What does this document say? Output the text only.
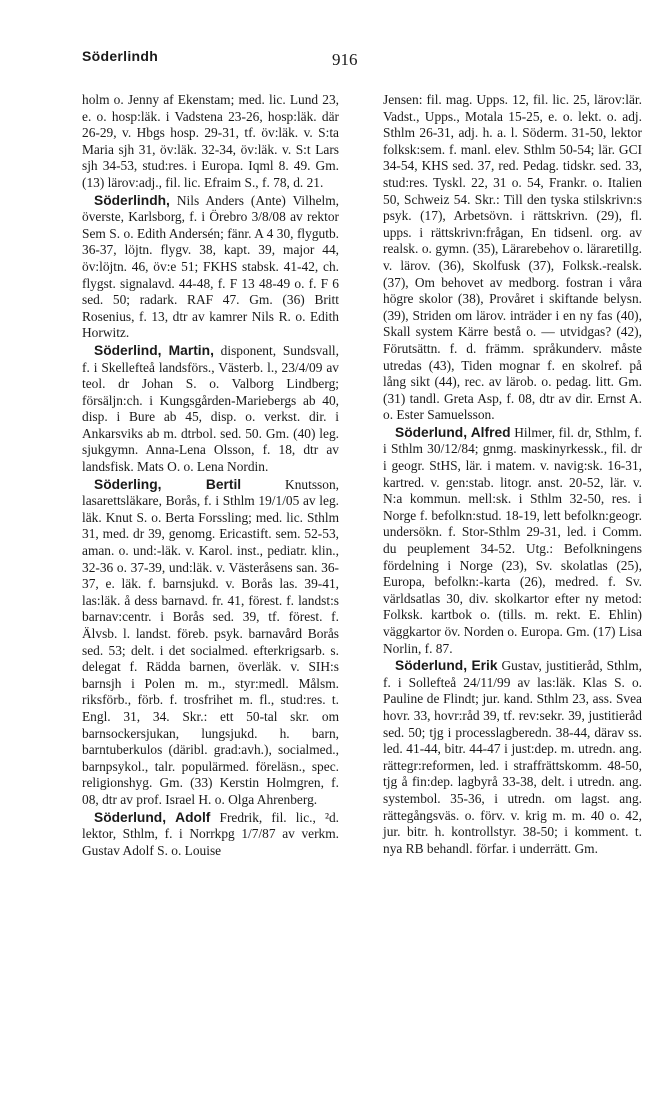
Söderlindh	916

holm o. Jenny af Ekenstam; med. lic. Lund 23, e. o. hosp:läk. i Vadstena 23-26, hosp:läk. där 26-29, v. Hbgs hosp. 29-31, tf. öv:läk. v. S:ta Maria sjh 31, öv:läk. 32-34, öv:läk. v. S:t Lars sjh 34-53, stud:res. i Europa. Iqml 8. 49. Gm. (13) lärov:adj., fil. lic. Efraim S., f. 78, d. 21.

Söderlindh, Nils Anders (Ante) Vilhelm, överste, Karlsborg, f. i Örebro 3/8/08 av rektor Sem S. o. Edith Andersén; fänr. A 4 30, flygutb. 36-37, löjtn. flygv. 38, kapt. 39, major 44, öv:löjtn. 46, öv:e 51; FKHS stabsk. 41-42, ch. flygst. signalavd. 44-48, f. F 13 48-49 o. f. F 6 sed. 50; radark. RAF 47. Gm. (36) Britt Rosenius, f. 13, dtr av kamrer Nils R. o. Edith Horwitz.

Söderlind, Martin, disponent, Sundsvall, f. i Skellefteå landsförs., Västerb. l., 23/4/09 av teol. dr Johan S. o. Valborg Lindberg; försäljn:ch. i Kungsgården-Mariebergs ab 40, disp. i Bure ab 45, disp. o. verkst. dir. i Ankarsviks ab m. dtrbol. sed. 50. Gm. (40) leg. sjukgymn. Anna-Lena Olsson, f. 18, dtr av landsfisk. Mats O. o. Lena Nordin.

Söderling, Bertil	Knutsson, lasarettsläkare, Borås, f. i Sthlm 19/1/05 av leg. läk. Knut S. o. Berta Forssling; med. lic. Sthlm 31, med. dr 39, genomg. Ericastift. sem. 52-53, aman. o. und:-läk. v. Karol. inst., pediatr. klin., 32-36 o. 37-39, und:läk. v. Västeråsens san. 36-37, e. läk. f. barnsjukd. v. Borås las. 39-41, las:läk. å dess barnavd. fr. 41, förest. f. landst:s barnav:centr. i Borås sed. 39, tf. förest. f. Älvsb. l. landst. föreb. psyk. barnavård Borås sed. 53; delt. i det socialmed. efterkrigsarb. s. delegat f. Rädda barnen, överläk. v. SIH:s barnsjh i Polen m. m., styr:medl. Målsm. riksförb., förb. f. trosfrihet m. fl., stud:res. t. Engl. 31, 34. Skr.: ett 50-tal skr. om barnsockersjukan, lungsjukd. h. barn, barntuberkulos (däribl. grad:avh.), socialmed., barnpsykol., talr. populärmed. föreläsn., spec. religionshyg. Gm. (33) Kerstin Holmgren, f. 08, dtr av prof. Israel H. o. Olga Ahrenberg.

Söderlund, Adolf Fredrik, fil. lic., ²d. lektor, Sthlm, f. i Norrkpg 1/7/87 av verkm. Gustav Adolf S. o. Louise

Jensen: fil. mag. Upps. 12, fil. lic. 25, lärov:lär. Vadst., Upps., Motala 15-25, e. o. lekt. o. adj. Sthlm 26-31, adj. h. a. l. Söderm. 31-50, lektor folksk:sem. f. manl. elev. Sthlm 50-54; lär. GCI 34-54, KHS sed. 37, red. Pedag. tidskr. sed. 33, stud:res. Tyskl. 22, 31 o. 54, Frankr. o. Italien 50, Schweiz 54. Skr.: Till den tyska stilskrivn:s psyk. (17), Arbetsövn. i rättskrivn. (29), fl. upps. i rättskrivn:frågan, En tidsenl. org. av realsk. o. gymn. (35), Lärarebehov o. läraretillg. v. lärov. (36), Skolfusk (37), Folksk.-realsk. (37), Om behovet av medborg. fostran i våra högre skolor (38), Provåret i skiftande belysn. (39), Striden om lärov. inträder i en ny fas (40), Skall system Kärre bestå o. — utvidgas? (42), Förutsättn. f. d. främm. språkunderv. måste utredas (43), Tiden mognar f. en skolref. på lång sikt (44), rec. av lärob. o. pedag. litt. Gm. (31) tandl. Greta Asp, f. 08, dtr av dir. Ernst A. o. Ester Samuelsson.

Söderlund, Alfred Hilmer, fil. dr, Sthlm, f. i Sthlm 30/12/84; gnmg. maskinyrkessk., fil. dr i geogr. StHS, lär. i matem. v. navig:sk. 16-31, kartred. v. gen:stab. litogr. anst. 20-52, lär. v. N:a kommun. mell:sk. i Sthlm 32-50, res. i Norge f. befolkn:stud. 18-19, lett befolkn:geogr. undersökn. f. Stor-Sthlm 29-31, led. i Comm. du peuplement 34-52. Utg.: Befolkningens fördelning i Norge (23), Sv. skolatlas (25), Europa, befolkn:-karta (26), medred. f. Sv. världsatlas 30, div. skolkartor efter ny metod: Folksk. kartbok o. (tills. m. rekt. E. Ehlin) väggkartor öv. Norden o. Europa. Gm. (17) Lisa Norlin, f. 87.

Söderlund, Erik Gustav, justitieråd, Sthlm, f. i Sollefteå 24/11/99 av las:läk. Klas S. o. Pauline de Flindt; jur. kand. Sthlm 23, ass. Svea hovr. 33, hovr:råd 39, tf. rev:sekr. 39, justitieråd sed. 50; tjg i processlagberedn. 38-44, därav ss. led. 41-44, bitr. 44-47 i just:dep. m. utredn. ang. rättegr:reformen, led. i straffrättskomm. 48-50, tjg å fin:dep. lagbyrå 33-38, delt. i utredn. ang. systembol. 35-36, i utredn. om lagst. ang. rättegångsväs. o. förv. v. krig m. m. 40 o. 42, jur. bitr. h. kontrollstyr. 38-50; i komment. t. nya RB behandl. förfar. i underrätt. Gm.
